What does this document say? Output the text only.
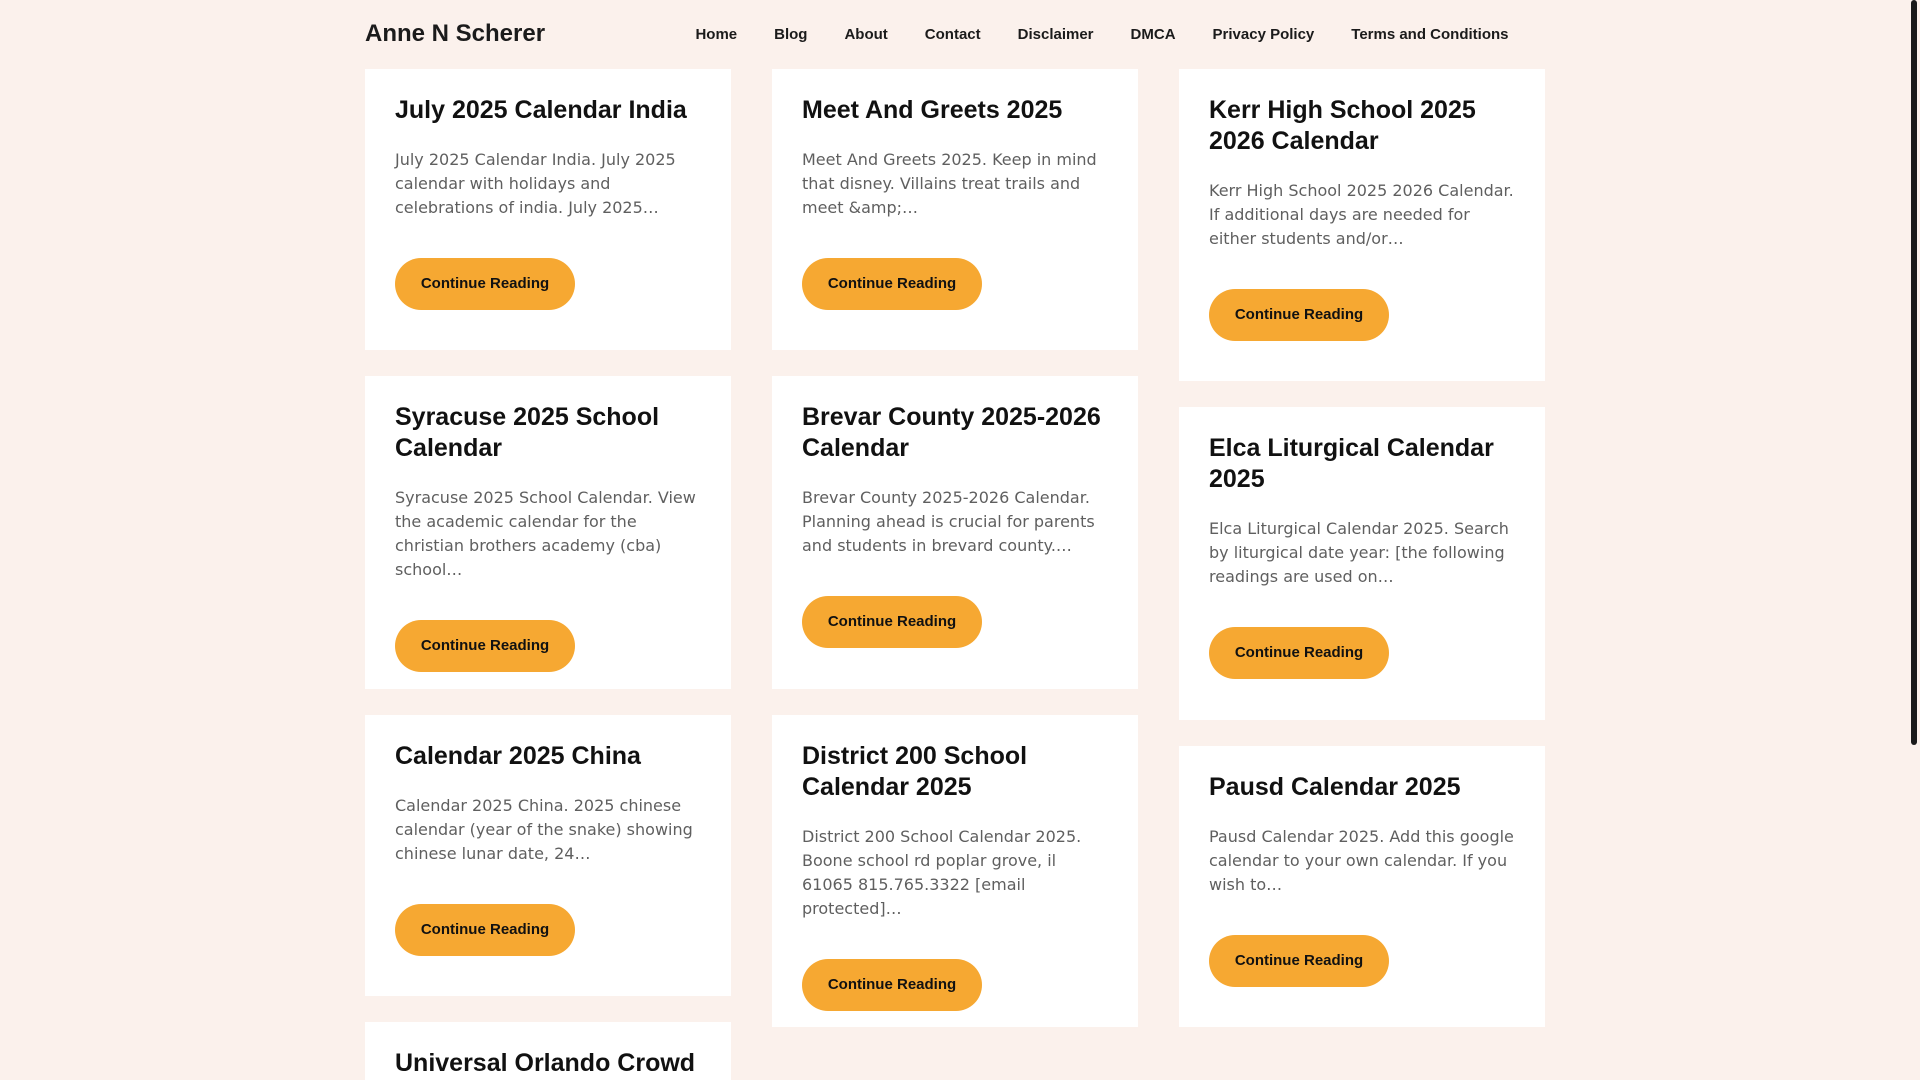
Anne N Scherer	Home	Blog	About	Contact	Disclaimer	DMCA	Privacy Policy	Terms and Conditions
July 2025 Calendar India

July 2025 Calendar India. July 2025 calendar with holidays and celebrations of india. July 2025…

Continue Reading
Syracuse 2025 School Calendar

Syracuse 2025 School Calendar. View the academic calendar for the christian brothers academy (cba) school…

Continue Reading
Calendar 2025 China

Calendar 2025 China. 2025 chinese calendar (year of the snake) showing chinese lunar date, 24…

Continue Reading
Universal Orlando Crowd
Meet And Greets 2025

Meet And Greets 2025. Keep in mind that disney. Villains treat trails and meet &amp;…

Continue Reading
Brevar County 2025-2026 Calendar

Brevar County 2025-2026 Calendar. Planning ahead is crucial for parents and students in brevard county.…

Continue Reading
District 200 School Calendar 2025

District 200 School Calendar 2025. Boone school rd poplar grove, il 61065 815.765.3322 [email protected]…

Continue Reading
Kerr High School 2025 2026 Calendar

Kerr High School 2025 2026 Calendar. If additional days are needed for either students and/or…

Continue Reading
Elca Liturgical Calendar 2025

Elca Liturgical Calendar 2025. Search by liturgical date year: [the following readings are used on…

Continue Reading
Pausd Calendar 2025

Pausd Calendar 2025. Add this google calendar to your own calendar. If you wish to…

Continue Reading
